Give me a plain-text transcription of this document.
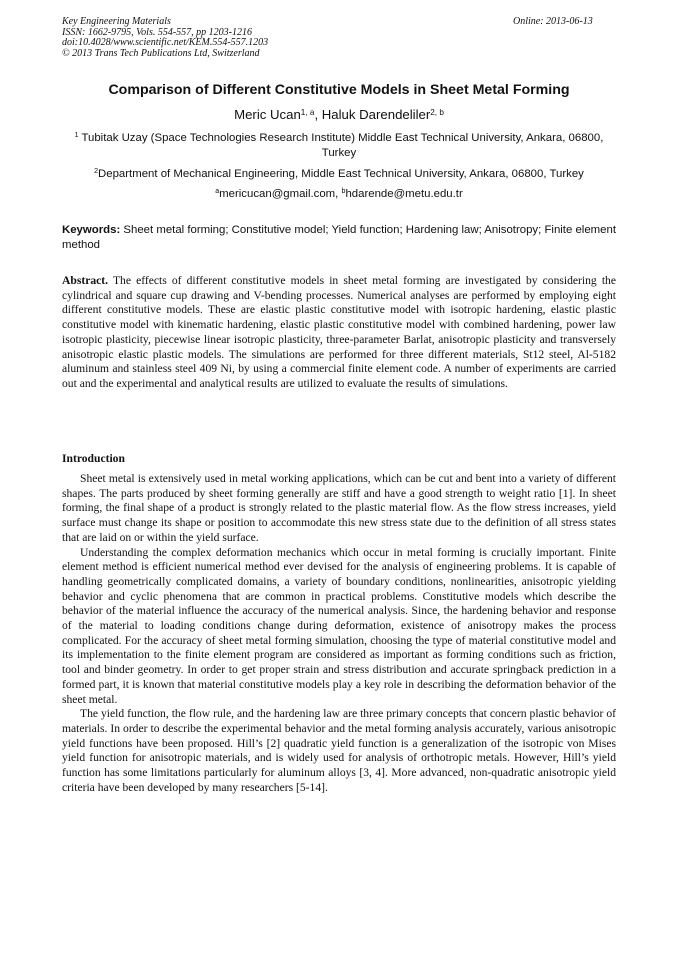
Key Engineering Materials
ISSN: 1662-9795, Vols. 554-557, pp 1203-1216
doi:10.4028/www.scientific.net/KEM.554-557.1203
© 2013 Trans Tech Publications Ltd, Switzerland
Online: 2013-06-13
Comparison of Different Constitutive Models in Sheet Metal Forming
Meric Ucan$^{1, a}$, Haluk Darendeliler$^{2, b}$
$^1$ Tubitak Uzay (Space Technologies Research Institute) Middle East Technical University, Ankara, 06800, Turkey
$^2$Department of Mechanical Engineering, Middle East Technical University, Ankara, 06800, Turkey
$^a$mericucan@gmail.com, $^b$hdarende@metu.edu.tr
Keywords: Sheet metal forming; Constitutive model; Yield function; Hardening law; Anisotropy; Finite element method
Abstract. The effects of different constitutive models in sheet metal forming are investigated by considering the cylindrical and square cup drawing and V-bending processes. Numerical analyses are performed by employing eight different constitutive models. These are elastic plastic constitutive model with isotropic hardening, elastic plastic constitutive model with kinematic hardening, elastic plastic constitutive model with combined hardening, power law isotropic plasticity, piecewise linear isotropic plasticity, three-parameter Barlat, anisotropic plasticity and transversely anisotropic elastic plastic models. The simulations are performed for three different materials, St12 steel, Al-5182 aluminum and stainless steel 409 Ni, by using a commercial finite element code. A number of experiments are carried out and the experimental and analytical results are utilized to evaluate the results of simulations.
Introduction

Sheet metal is extensively used in metal working applications, which can be cut and bent into a variety of different shapes. The parts produced by sheet forming generally are stiff and have a good strength to weight ratio [1]. In sheet forming, the final shape of a product is strongly related to the plastic material flow. As the flow stress increases, yield surface must change its shape or position to accommodate this new stress state due to the definition of all stress states that are laid on or within the yield surface.

Understanding the complex deformation mechanics which occur in metal forming is crucially important. Finite element method is efficient numerical method ever devised for the analysis of engineering problems. It is capable of handling geometrically complicated domains, a variety of boundary conditions, nonlinearities, anisotropic yielding behavior and cyclic phenomena that are common in practical problems. Constitutive models which describe the behavior of the material influence the accuracy of the numerical analysis. Since, the hardening behavior and response of the material to loading conditions change during deformation, existence of anisotropy makes the process complicated. For the accuracy of sheet metal forming simulation, choosing the type of material constitutive model and its implementation to the finite element program are considered as important as forming conditions such as friction, tool and binder geometry. In order to get proper strain and stress distribution and accurate springback prediction in a formed part, it is known that material constitutive models play a key role in describing the deformation behavior of the sheet metal.

The yield function, the flow rule, and the hardening law are three primary concepts that concern plastic behavior of materials. In order to describe the experimental behavior and the metal forming analysis accurately, various anisotropic yield functions have been proposed. Hill’s [2] quadratic yield function is a generalization of the isotropic von Mises yield function for anisotropic materials, and is widely used for analysis of orthotropic metals. However, Hill’s yield function has some limitations particularly for aluminum alloys [3, 4]. More advanced, non-quadratic anisotropic yield criteria have been developed by many researchers [5-14].
